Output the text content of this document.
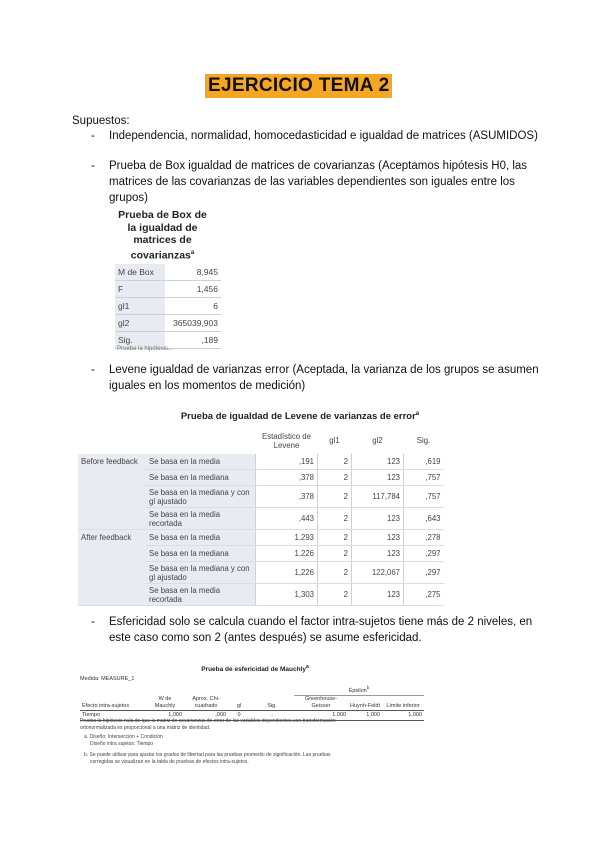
EJERCICIO TEMA 2
Supuestos:
- Independencia, normalidad, homocedasticidad e igualdad de matrices (ASUMIDOS)
- Prueba de Box igualdad de matrices de covarianzas (Aceptamos hipótesis H0, las
matrices de las covarianzas de las variables dependientes son iguales entre los
grupos)
Prueba de Box de
la igualdad de
matrices de
covarianzas$^a$
M de Box	8,945
F	1,456
gl1	6
gl2	365039,903
Sig.	,189
Prueba la hipótesis...
- Levene igualdad de varianzas error (Aceptada, la varianza de los grupos se asumen
iguales en los momentos de medición)
Prueba de igualdad de Levene de varianzas de error$^a$
		Estadístico de Levene	gl1	gl2	Sig.
Before feedback	Se basa en la media	,191	2	123	,619
	Se basa en la mediana	,378	2	123	,757
	Se basa en la mediana y con gl ajustado	,378	2	117,784	,757
	Se basa en la media recortada	,443	2	123	,643
After feedback	Se basa en la media	1,293	2	123	,278
	Se basa en la mediana	1,226	2	123	,297
	Se basa en la mediana y con gl ajustado	1,226	2	122,067	,297
	Se basa en la media recortada	1,303	2	123	,275
- Esfericidad solo se calcula cuando el factor intra-sujetos tiene más de 2 niveles, en
este caso como son 2 (antes después) se asume esfericidad.
Prueba de esfericidad de Mauchly$^a$
Medida: MEASURE_1
					Épsilon$^b$
Efecto intra-sujetos	W de Mauchly	Aprox. Chi-cuadrado	gl	Sig.	Greenhouse-Geisser	Huynh-Feldt	Límite inferior
Tiempo	1,000	,000	0	.	1,000	1,000	1,000
Prueba la hipótesis nula de que la matriz de covarianzas de error de las variables dependientes con transformación
ortonormalizada es proporcional a una matriz de identidad.
a. Diseño: Intersección + Condición
Diseño intra sujetos: Tiempo
b. Se puede utilizar para ajustar los grados de libertad para las pruebas promedio de significación. Las pruebas
corregidas se visualizan en la tabla de pruebas de efectos intra-sujetos.
